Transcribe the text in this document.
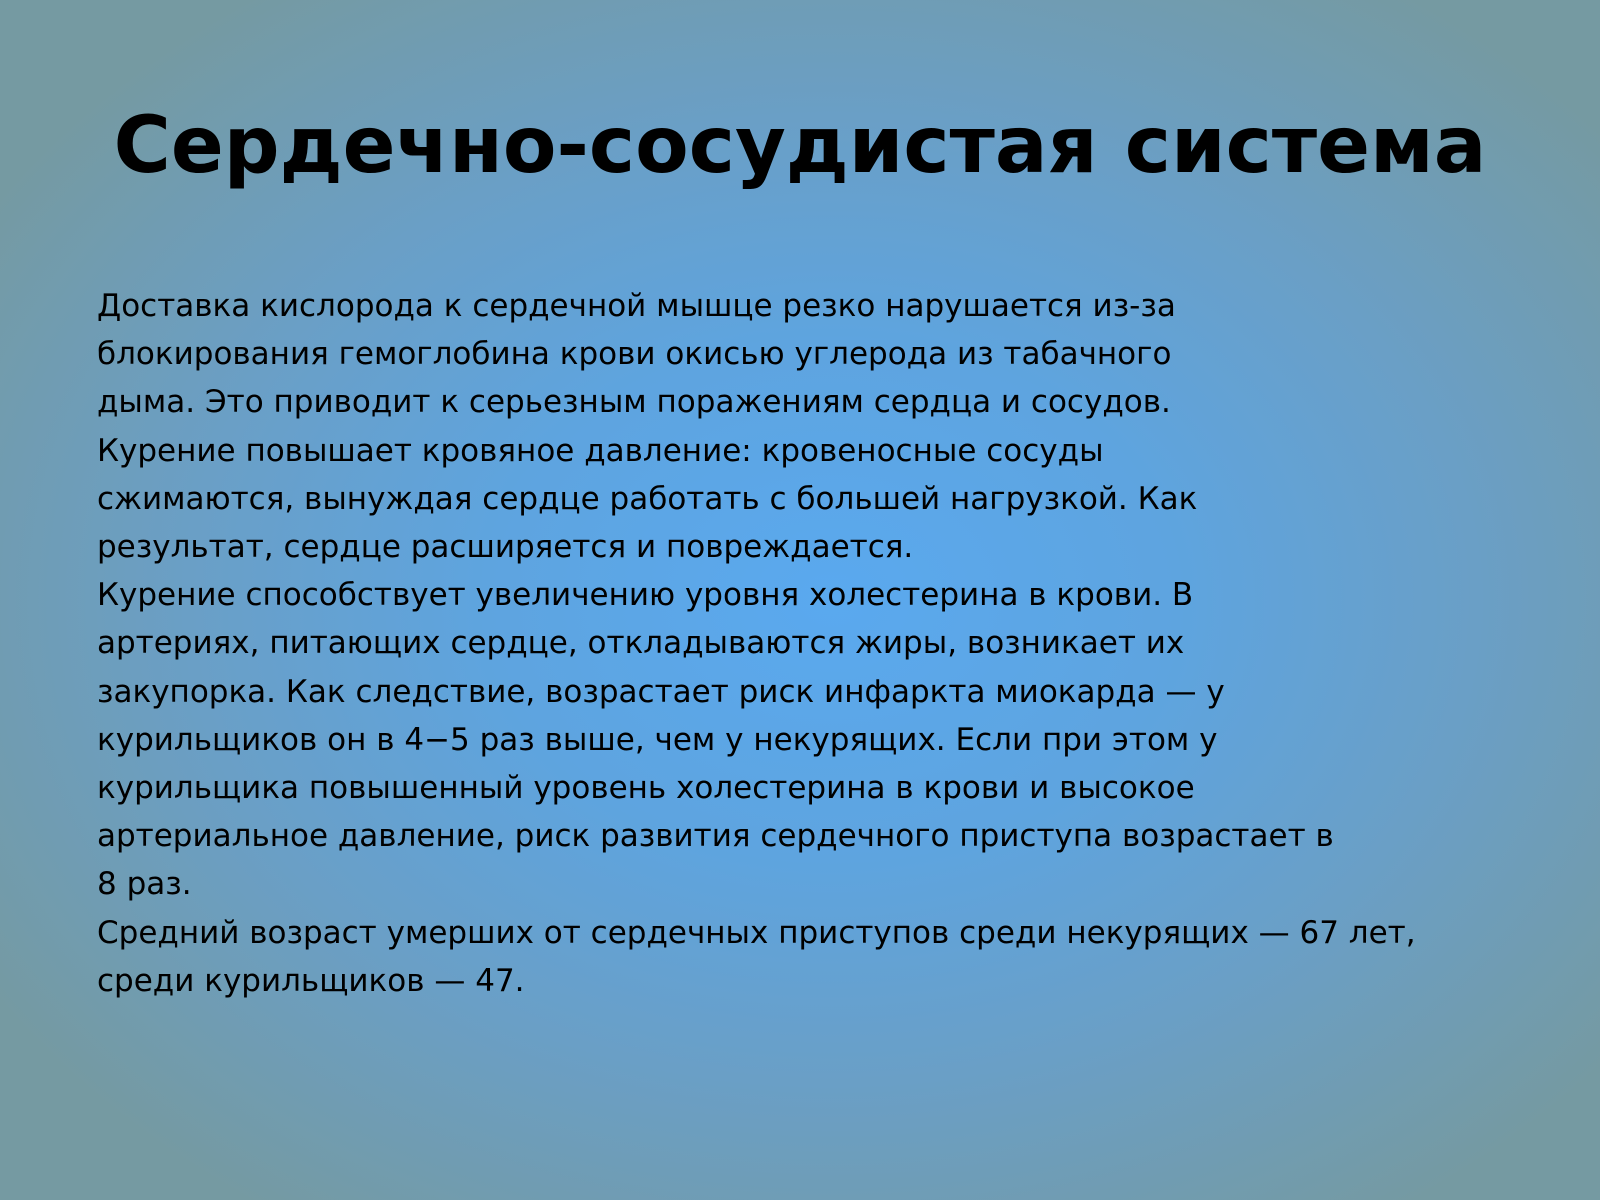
Сердечно-сосудистая система
Доставка кислорода к сердечной мышце резко нарушается из-за
блокирования гемоглобина крови окисью углерода из табачного
дыма. Это приводит к серьезным поражениям сердца и сосудов.
Курение повышает кровяное давление: кровеносные сосуды
сжимаются, вынуждая сердце работать с большей нагрузкой. Как
результат, сердце расширяется и повреждается.
Курение способствует увеличению уровня холестерина в крови. В
артериях, питающих сердце, откладываются жиры, возникает их
закупорка. Как следствие, возрастает риск инфаркта миокарда — у
курильщиков он в 4−5 раз выше, чем у некурящих. Если при этом у
курильщика повышенный уровень холестерина в крови и высокое
артериальное давление, риск развития сердечного приступа возрастает в
8 раз.
Средний возраст умерших от сердечных приступов среди некурящих — 67 лет,
среди курильщиков — 47.
